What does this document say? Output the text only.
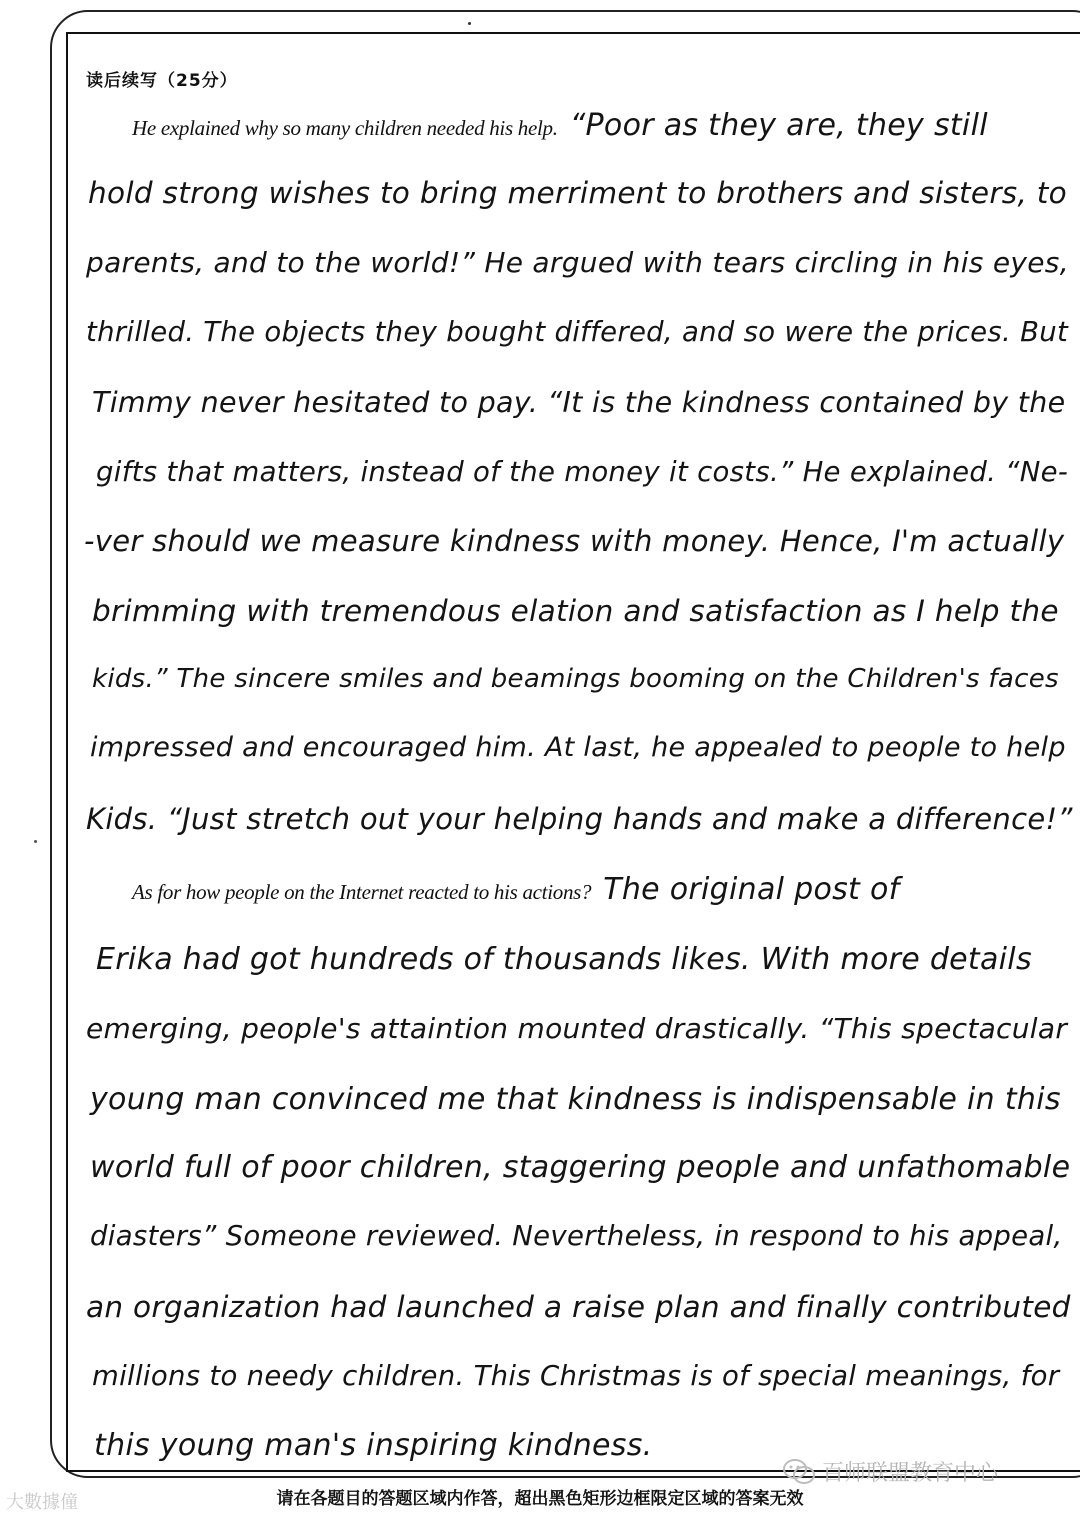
读后续写（25分）
He explained why so many children needed his help. “Poor as they are, they still
hold strong wishes to bring merriment to brothers and sisters, to
parents, and to the world!” He argued with tears circling in his eyes,
thrilled. The objects they bought differed, and so were the prices. But
Timmy never hesitated to pay. “It is the kindness contained by the
gifts that matters, instead of the money it costs.” He explained. “Ne-
-ver should we measure kindness with money. Hence, I'm actually
brimming with tremendous elation and satisfaction as I help the
kids.” The sincere smiles and beamings booming on the Children's faces
impressed and encouraged him. At last, he appealed to people to help
Kids. “Just stretch out your helping hands and make a difference!”
As for how people on the Internet reacted to his actions? The original post of
Erika had got hundreds of thousands likes. With more details
emerging, people's attaintion mounted drastically. “This spectacular
young man convinced me that kindness is indispensable in this
world full of poor children, staggering people and unfathomable
diasters” Someone reviewed. Nevertheless, in respond to his appeal,
an organization had launched a raise plan and finally contributed
millions to needy children. This Christmas is of special meanings, for
this young man's inspiring kindness.
百师联盟教育中心
请在各题目的答题区域内作答，超出黑色矩形边框限定区域的答案无效
大數據僮
